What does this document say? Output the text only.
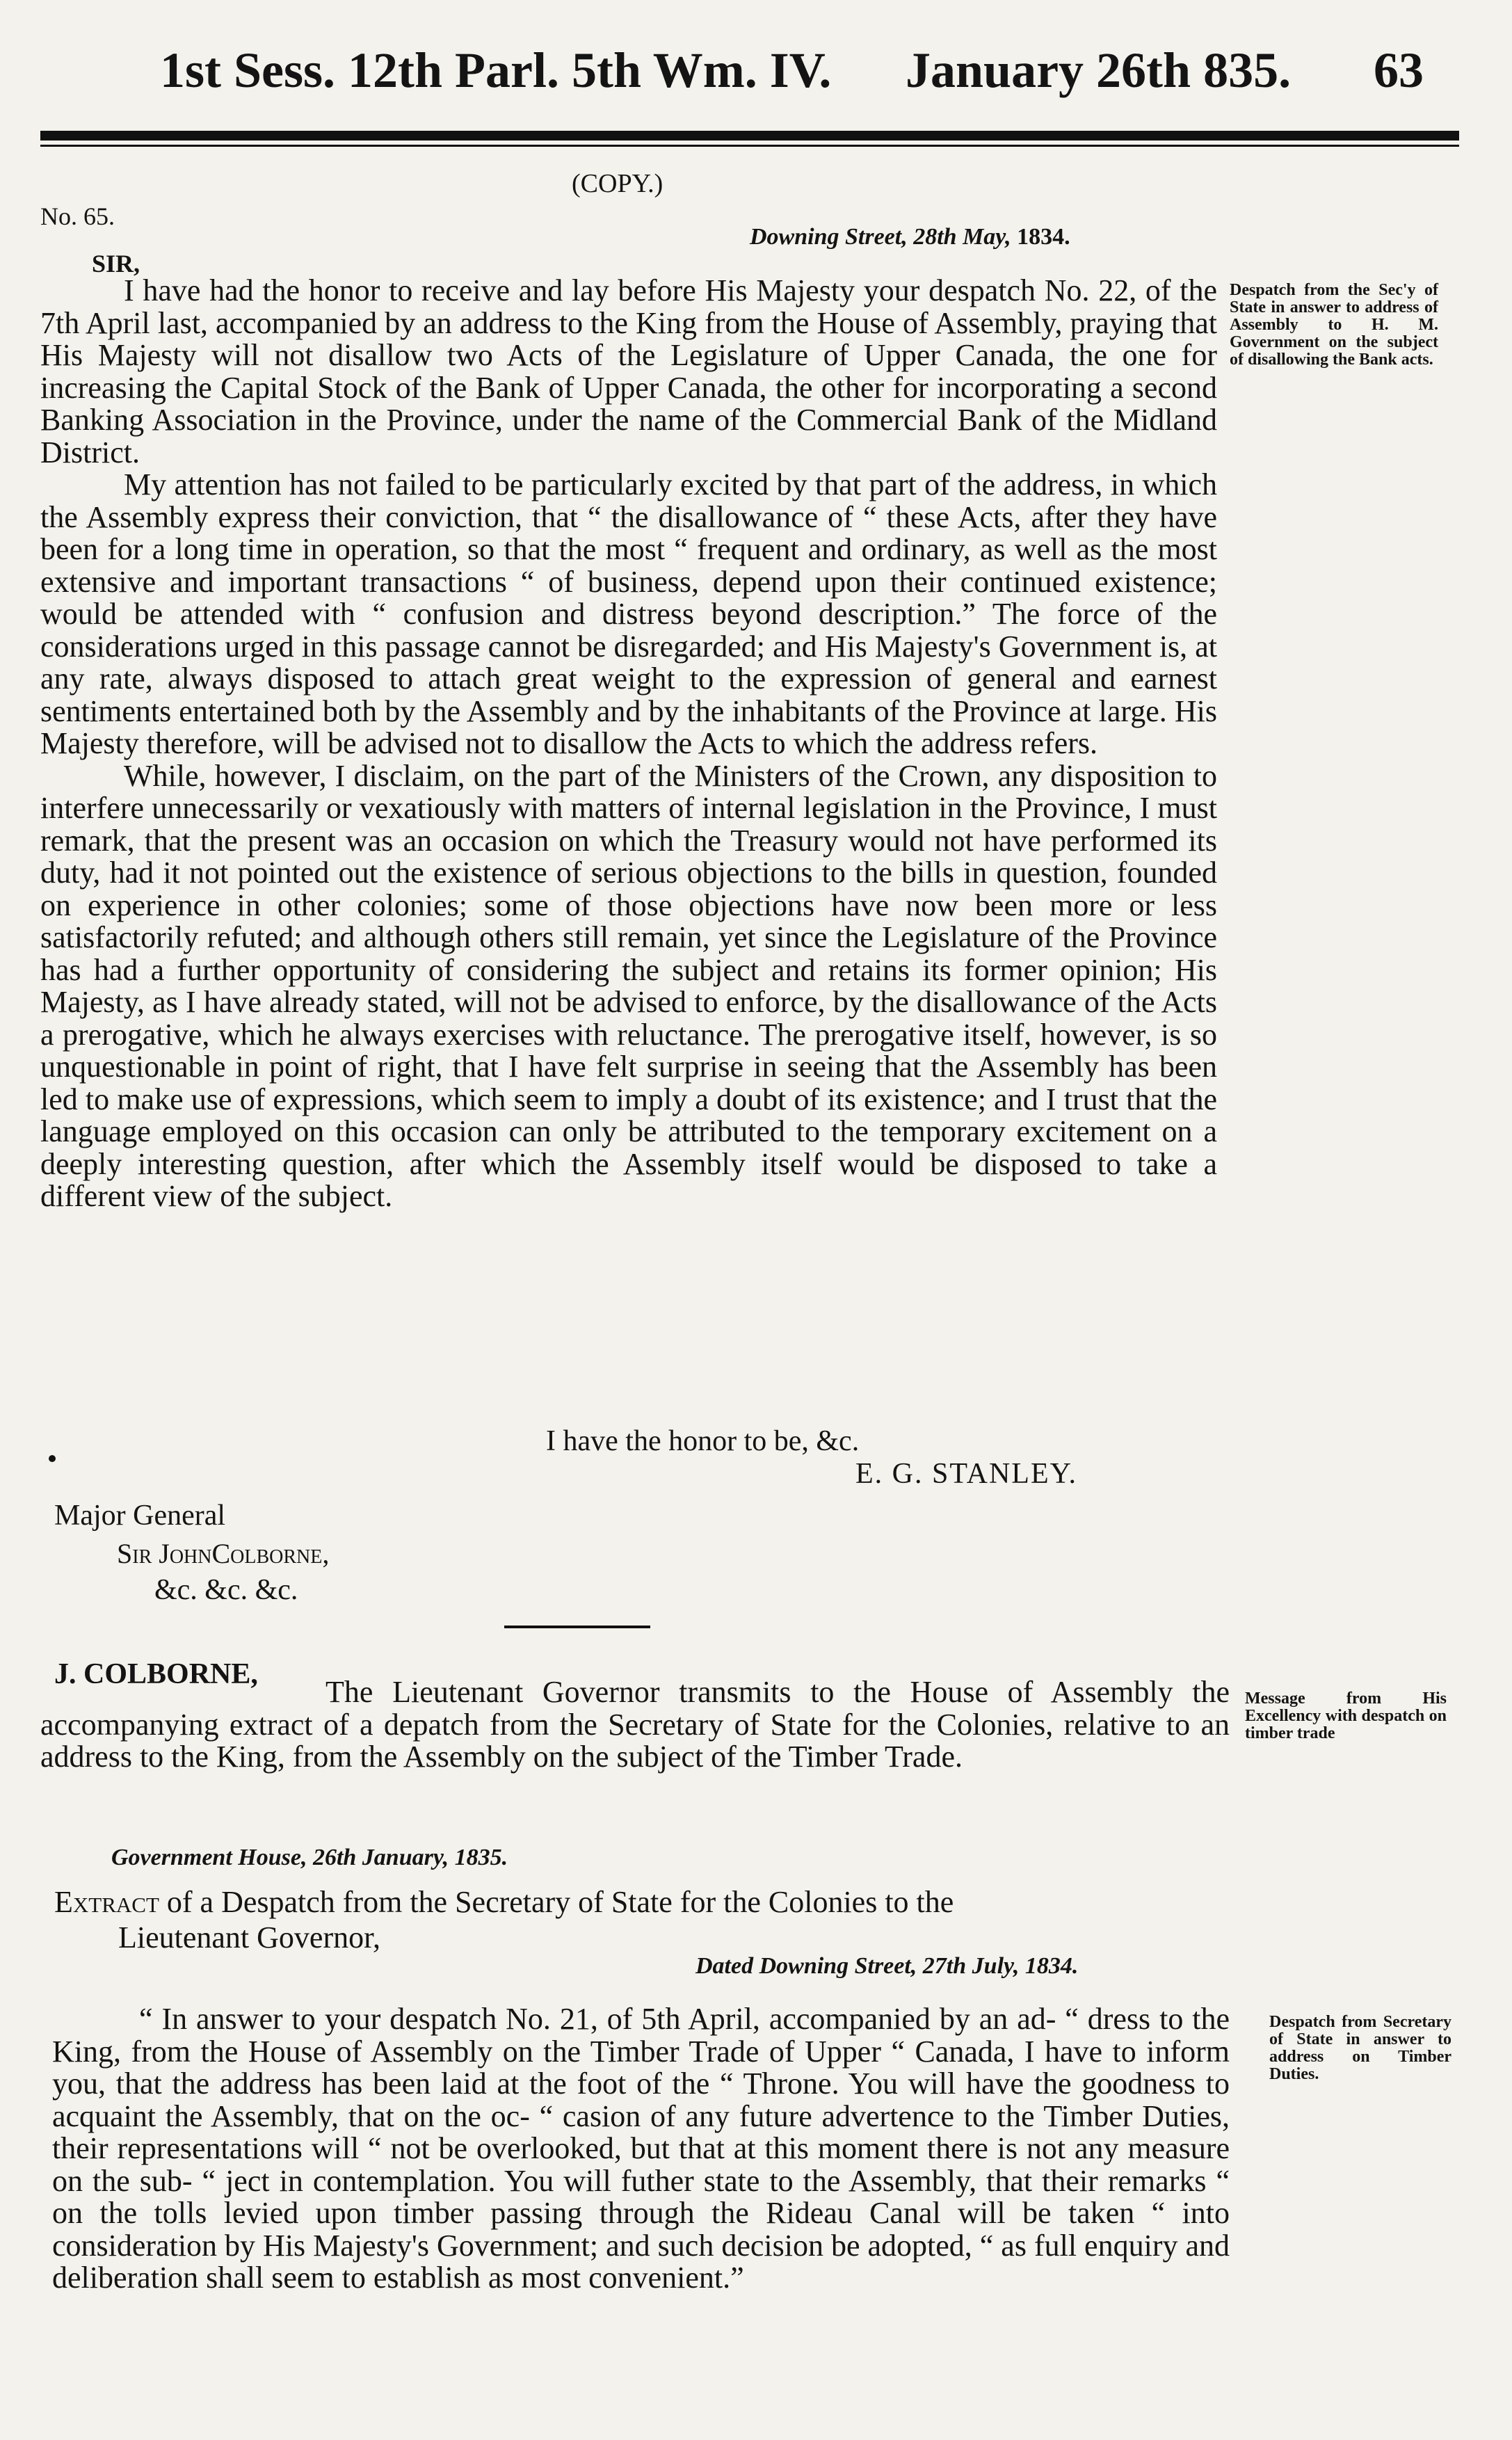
1st Sess. 12th Parl. 5th Wm. IV. January 26th 835. 63
(COPY.)
No. 65.
Downing Street, 28th May, 1834.
SIR,

I have had the honor to receive and lay before His Majesty your despatch No. 22, of the 7th April last, accompanied by an address to the King from the House of Assembly, praying that His Majesty will not disallow two Acts of the Legislature of Upper Canada, the one for increasing the Capital Stock of the Bank of Upper Canada, the other for incorporating a second Banking Association in the Province, under the name of the Commercial Bank of the Midland District.

My attention has not failed to be particularly excited by that part of the address, in which the Assembly express their conviction, that “ the disallowance of “ these Acts, after they have been for a long time in operation, so that the most “ frequent and ordinary, as well as the most extensive and important transactions “ of business, depend upon their continued existence; would be attended with “ confusion and distress beyond description.” The force of the considerations urged in this passage cannot be disregarded; and His Majesty's Government is, at any rate, always disposed to attach great weight to the expression of general and earnest sentiments entertained both by the Assembly and by the inhabitants of the Province at large. His Majesty therefore, will be advised not to disallow the Acts to which the address refers.

While, however, I disclaim, on the part of the Ministers of the Crown, any disposition to interfere unnecessarily or vexatiously with matters of internal legislation in the Province, I must remark, that the present was an occasion on which the Treasury would not have performed its duty, had it not pointed out the existence of serious objections to the bills in question, founded on experience in other colonies; some of those objections have now been more or less satisfactorily refuted; and although others still remain, yet since the Legislature of the Province has had a further opportunity of considering the subject and retains its former opinion; His Majesty, as I have already stated, will not be advised to enforce, by the disallowance of the Acts a prerogative, which he always exercises with reluctance. The prerogative itself, however, is so unquestionable in point of right, that I have felt surprise in seeing that the Assembly has been led to make use of expressions, which seem to imply a doubt of its existence; and I trust that the language employed on this occasion can only be attributed to the temporary excitement on a deeply interesting question, after which the Assembly itself would be disposed to take a different view of the subject.

Despatch from the Sec'y of State in answer to address of Assembly to H. M. Government on the subject of disallowing the Bank acts.
I have the honor to be, &c.
E. G. STANLEY.
Major General
Sir JohnColborne,
&c. &c. &c.
J. COLBORNE,
The Lieutenant Governor transmits to the House of Assembly the accompanying extract of a depatch from the Secretary of State for the Colonies, relative to an address to the King, from the Assembly on the subject of the Timber Trade.
Message from His Excellency with despatch on timber trade
Government House, 26th January, 1835.
Extract of a Despatch from the Secretary of State for the Colonies to the
Lieutenant Governor,
Dated Downing Street, 27th July, 1834.
“ In answer to your despatch No. 21, of 5th April, accompanied by an ad- “ dress to the King, from the House of Assembly on the Timber Trade of Upper “ Canada, I have to inform you, that the address has been laid at the foot of the “ Throne. You will have the goodness to acquaint the Assembly, that on the oc- “ casion of any future advertence to the Timber Duties, their representations will “ not be overlooked, but that at this moment there is not any measure on the sub- “ ject in contemplation. You will futher state to the Assembly, that their remarks “ on the tolls levied upon timber passing through the Rideau Canal will be taken “ into consideration by His Majesty's Government; and such decision be adopted, “ as full enquiry and deliberation shall seem to establish as most convenient.”
Despatch from Secretary of State in answer to address on Timber Duties.
